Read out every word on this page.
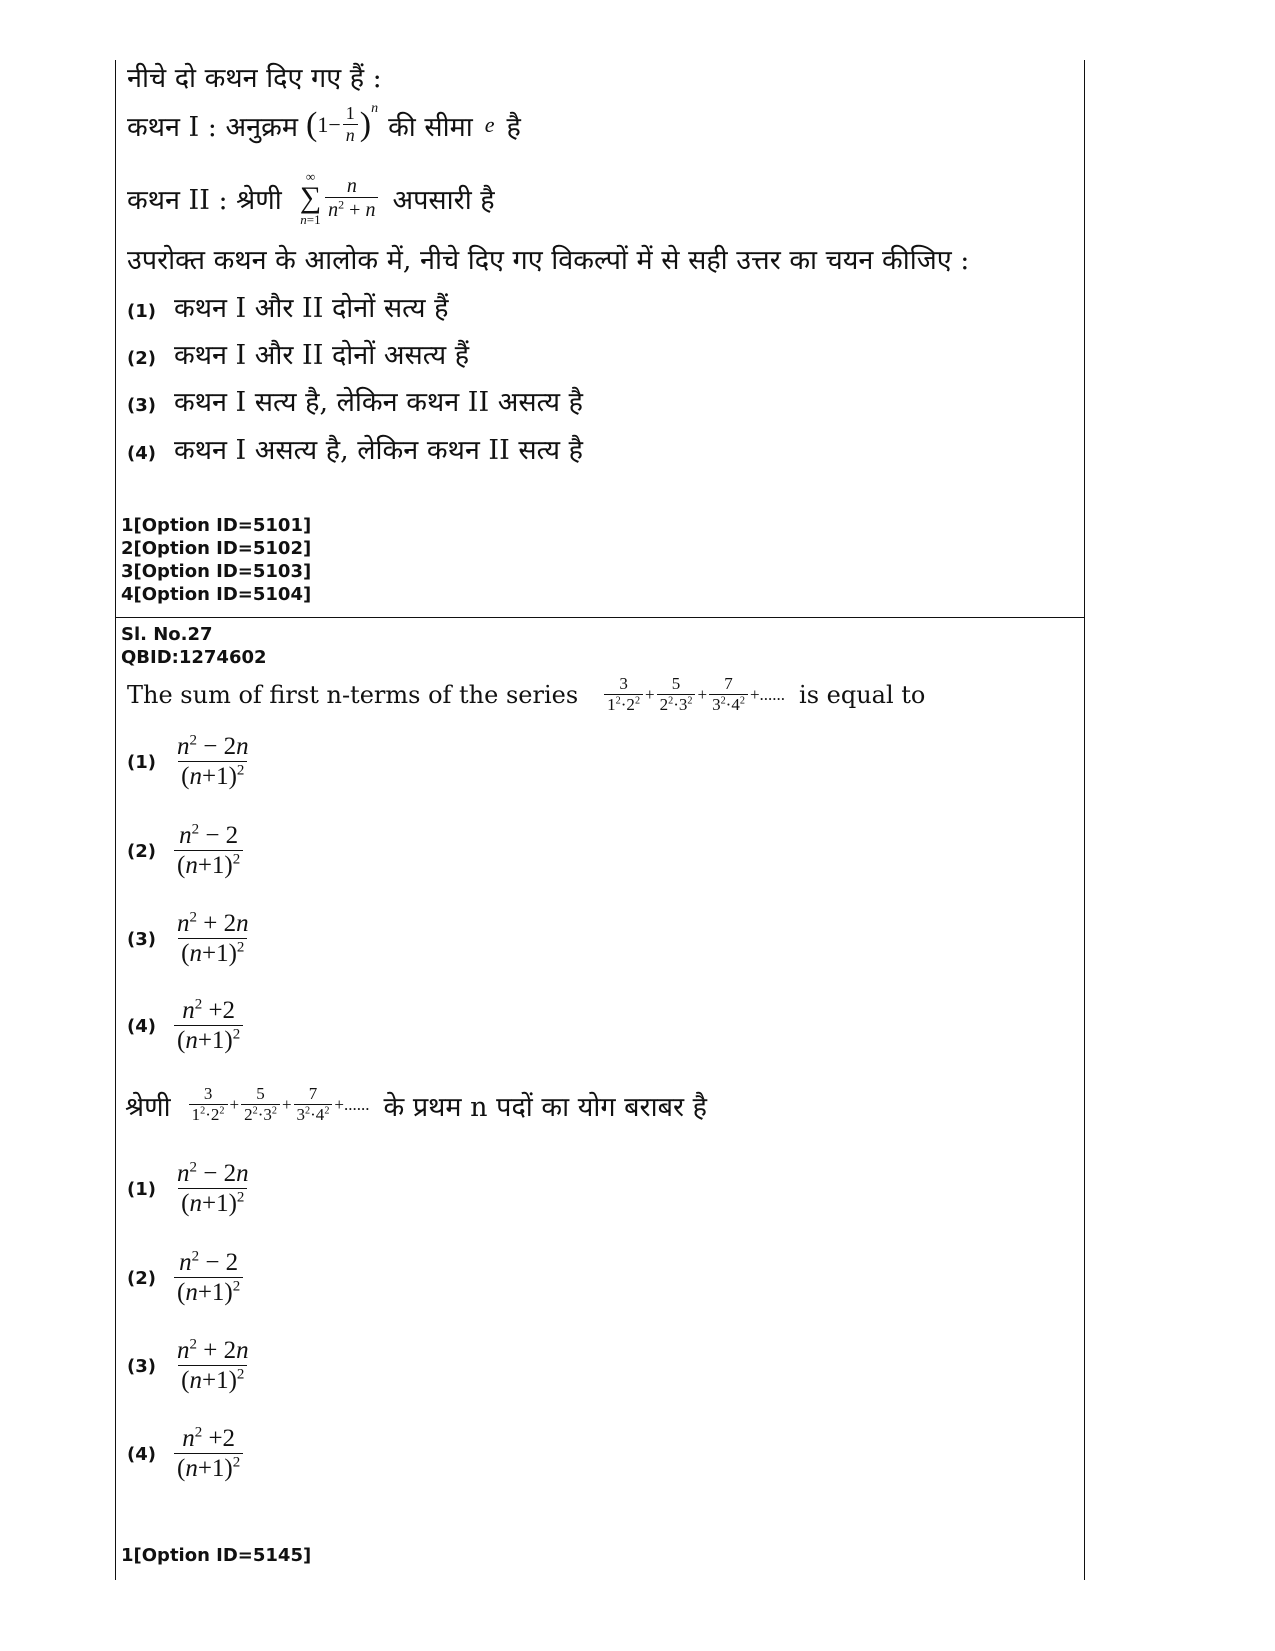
नीचे दो कथन दिए गए हैं :
कथन I : अनुक्रम ( $1 - \frac{1}{n} )^n$
की सीमा e है
कथन II : श्रेणी
∞
∑
$n=1 \frac{n}{n^2 + n}$ अपसारी है
उपरोक्त कथन के आलोक में, नीचे दिए गए विकल्पों में से सही उत्तर का चयन कीजिए :
(1) कथन I और II दोनों सत्य हैं
(2) कथन I और II दोनों असत्य हैं
(3) कथन I सत्य है, लेकिन कथन II असत्य है
(4) कथन I असत्य है, लेकिन कथन II सत्य है
1[Option ID=5101]
2[Option ID=5102]
3[Option ID=5103]
4[Option ID=5104]
Sl. No.27
QBID:1274602
The sum of first n-terms of the series $\frac{3}{1^2\cdot 2^2} + \frac{5}{2^2\cdot 3^2} + \frac{7}{3^2\cdot 4^2}$ +...... is equal to
$(1) \frac{n^2 - 2n}{(n+1)^2}$
$(2) \frac{n^2 - 2}{(n+1)^2}$
$(3) \frac{n^2 + 2n}{(n+1)^2}$
$(4) \frac{n^2 +2}{(n+1)^2}$
श्रेणी $\frac{3}{1^2\cdot 2^2} + \frac{5}{2^2\cdot 3^2} + \frac{7}{3^2\cdot 4^2}$ +...... के प्रथम n पदों का योग बराबर है
$(1) \frac{n^2 - 2n}{(n+1)^2}$
$(2) \frac{n^2 - 2}{(n+1)^2}$
$(3) \frac{n^2 + 2n}{(n+1)^2}$
$(4) \frac{n^2 +2}{(n+1)^2}$
1[Option ID=5145]
